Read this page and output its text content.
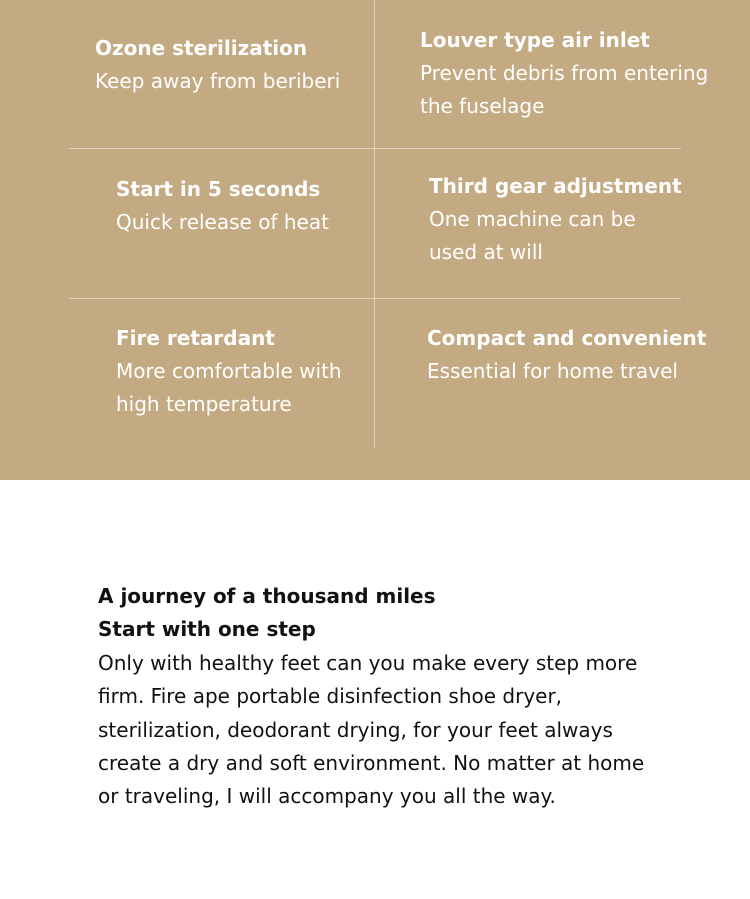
Ozone sterilization
Keep away from beriberi
Louver type air inlet
Prevent debris from entering the fuselage
Start in 5 seconds
Quick release of heat
Third gear adjustment
One machine can be used at will
Fire retardant
More comfortable with high temperature
Compact and convenient
Essential for home travel
A journey of a thousand miles
Start with one step
Only with healthy feet can you make every step more firm. Fire ape portable disinfection shoe dryer, sterilization, deodorant drying, for your feet always create a dry and soft environment. No matter at home or traveling, I will accompany you all the way.
